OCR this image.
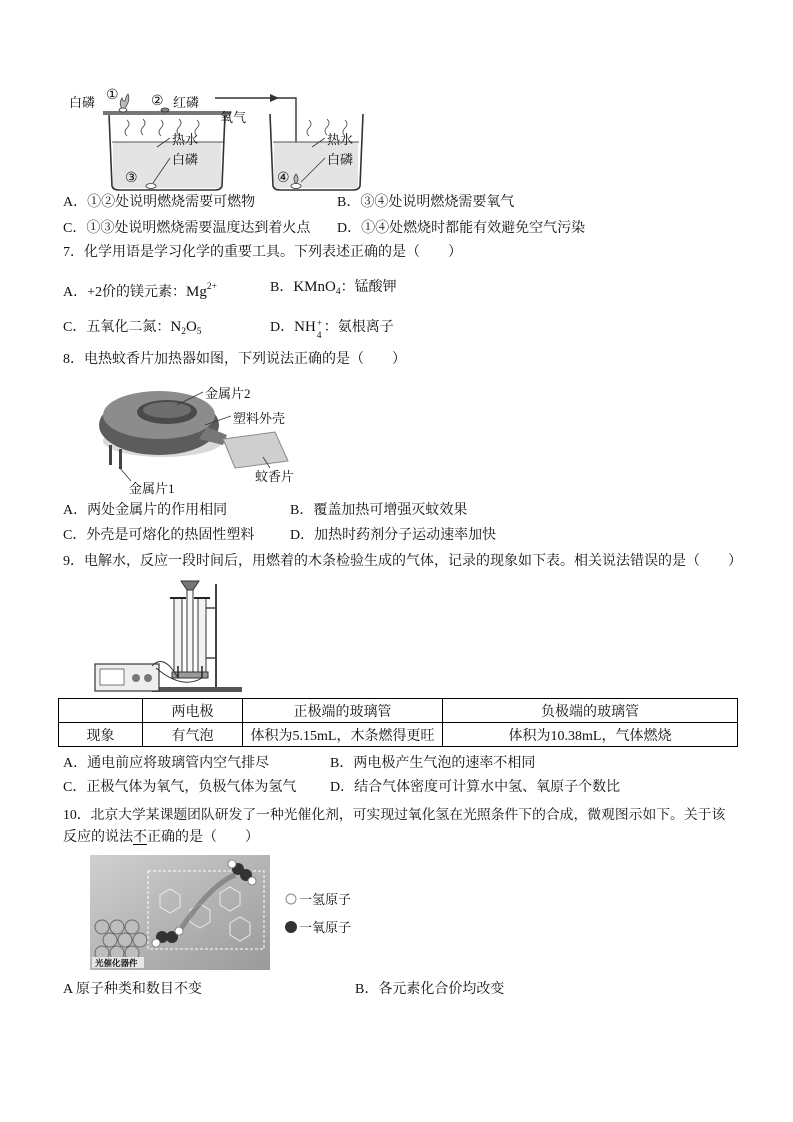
白磷 ① ② 红磷
热水
白磷
③
氧气
热水
白磷
④
A．①②处说明燃烧需要可燃物	B．③④处说明燃烧需要氧气
C．①③处说明燃烧需要温度达到着火点 D．①④处燃烧时都能有效避免空气污染
7．化学用语是学习化学的重要工具。下列表述正确的是（　　）
A．+2价的镁元素：$Mg^{2+}$	B．KMnO$_4$：锰酸钾
C．五氧化二氮：$N_2O_5$	D．NH +
4
：氨根离子
8．电热蚊香片加热器如图，下列说法正确的是（　　）
金属片2
塑料外壳
蚊香片
金属片1
A．两处金属片的作用相同	B．覆盖加热可增强灭蚊效果
C．外壳是可熔化的热固性塑料	D．加热时药剂分子运动速率加快
9．电解水，反应一段时间后，用燃着的木条检验生成的气体，记录的现象如下表。相关说法错误的是（　　）
	两电极	正极端的玻璃管	负极端的玻璃管
现象	有气泡	体积为5.15mL，木条燃得更旺	体积为10.38mL，气体燃烧
A．通电前应将玻璃管内空气排尽	B．两电极产生气泡的速率不相同
C．正极气体为氧气，负极气体为氢气 D．结合气体密度可计算水中氢、氧原子个数比
10．北京大学某课题团队研发了一种光催化剂，可实现过氧化氢在光照条件下的合成，微观图示如下。关于该
反应的说法不正确的是（　　）
光催化器件
一氢原子
一氧原子
A 原子种类和数目不变	B．各元素化合价均改变
